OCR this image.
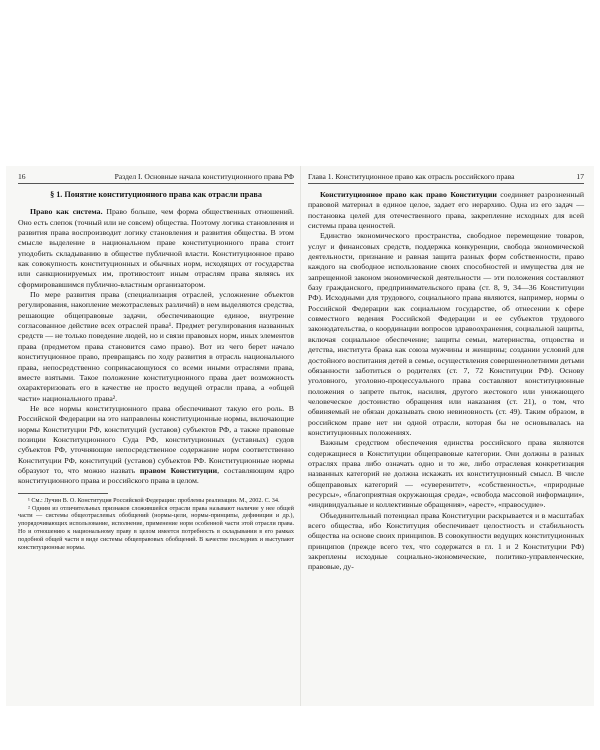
16	Раздел I. Основные начала конституционного права РФ
§ 1. Понятие конституционного права как отрасли права

Право как система. Право больше, чем форма общественных отношений. Оно есть слепок (точный или не совсем) общества. Поэтому логика становления и развития права воспроизводит логику становления и развития общества. В этом смысле выделение в национальном праве конституционного права стоит уподобить складыванию в обществе публичной власти. Конституционное право как совокупность конституционных и обычных норм, исходящих от государства или санкционируемых им, противостоит иным отраслям права являясь их сформировавшимся публично-властным организатором.

По мере развития права (специализация отраслей, усложнение объектов регулирования, накопление межотраслевых различий) в нем выделяются средства, решающие общеправовые задачи, обеспечивающие единое, внутренне согласованное действие всех отраслей права¹. Предмет регулирования названных средств — не только поведение людей, но и связи правовых норм, иных элементов права (предметом права становится само право). Вот из чего берет начало конституционное право, превращаясь по ходу развития в отрасль национального права, непосредственно соприкасающуюся со всеми иными отраслями права, вместе взятыми. Такое положение конституционного права дает возможность охарактеризовать его в качестве не просто ведущей отрасли права, а «общей части» национального права².

Не все нормы конституционного права обеспечивают такую его роль. В Российской Федерации на это направлены конституционные нормы, включающие нормы Конституции РФ, конституций (уставов) субъектов РФ, а также правовые позиции Конституционного Суда РФ, конституционных (уставных) судов субъектов РФ, уточняющие непосредственное содержание норм соответственно Конституции РФ, конституций (уставов) субъектов РФ. Конституционные нормы образуют то, что можно назвать правом Конституции, составляющим ядро конституционного права и российского права в целом.

¹ См.: Лучин В. О. Конституция Российской Федерации: проблемы реализации. М., 2002. С. 34.

² Одним из отличительных признаков сложившейся отрасли права называют наличие у нее общей части — системы общеотраслевых обобщений (нормы-цели, нормы-принципы, дефиниции и др.), упорядочивающих использование, исполнение, применение норм особенной части этой отрасли права. Но и отношению к национальному праву в целом имеется потребность в складывании в его рамках подобной общей части в виде системы общеправовых обобщений. В качестве последних и выступают конституционные нормы.

Глава 1. Конституционное право как отрасль российского права	17

Конституционное право как право Конституции соединяет разрозненный правовой материал в единое целое, задает его иерархию. Одна из его задач — постановка целей для отечественного права, закрепление исходных для всей системы права ценностей.

Единство экономического пространства, свободное перемещение товаров, услуг и финансовых средств, поддержка конкуренции, свобода экономической деятельности, признание и равная защита разных форм собственности, право каждого на свободное использование своих способностей и имущества для не запрещенной законом экономической деятельности — эти положения составляют базу гражданского, предпринимательского права (ст. 8, 9, 34—36 Конституции РФ). Исходными для трудового, социального права являются, например, нормы о Российской Федерации как социальном государстве, об отнесении к сфере совместного ведения Российской Федерации и ее субъектов трудового законодательства, о координации вопросов здравоохранения, социальной защиты, включая социальное обеспечение; защиты семьи, материнства, отцовства и детства, института брака как союза мужчины и женщины; создании условий для достойного воспитания детей в семье, осуществления совершеннолетними детьми обязанности заботиться о родителях (ст. 7, 72 Конституции РФ). Основу уголовного, уголовно-процессуального права составляют конституционные положения о запрете пыток, насилия, другого жестокого или унижающего человеческое достоинство обращения или наказания (ст. 21), о том, что обвиняемый не обязан доказывать свою невиновность (ст. 49). Таким образом, в российском праве нет ни одной отрасли, которая бы не основывалась на конституционных положениях.

Важным средством обеспечения единства российского права являются содержащиеся в Конституции общеправовые категории. Они должны в разных отраслях права либо означать одно и то же, либо отраслевая конкретизация названных категорий не должна искажать их конституционный смысл. В числе общеправовых категорий — «суверенитет», «собственность», «природные ресурсы», «благоприятная окружающая среда», «свобода массовой информации», «индивидуальные и коллективные обращения», «арест», «правосудие».

Объединительный потенциал права Конституции раскрывается и в масштабах всего общества, ибо Конституция обеспечивает целостность и стабильность общества на основе своих принципов. В совокупности ведущих конституционных принципов (прежде всего тех, что содержатся в гл. 1 и 2 Конституции РФ) закреплены исходные социально-экономические, политико-управленческие, правовые, ду-
